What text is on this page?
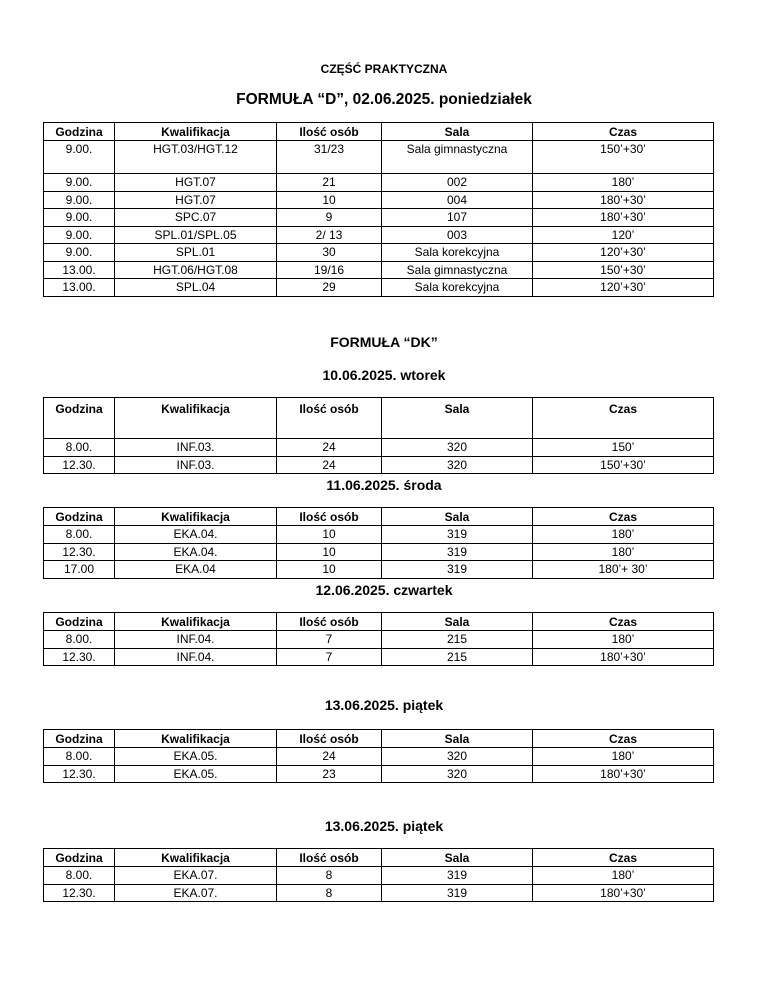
CZĘŚĆ PRAKTYCZNA
FORMUŁA “D”, 02.06.2025. poniedziałek
Godzina	Kwalifikacja	Ilość osób	Sala	Czas
9.00.	HGT.03/HGT.12	31/23	Sala gimnastyczna	150’+30’
9.00.	HGT.07	21	002	180’
9.00.	HGT.07	10	004	180’+30’
9.00.	SPC.07	9	107	180’+30’
9.00.	SPL.01/SPL.05	2/ 13	003	120’
9.00.	SPL.01	30	Sala korekcyjna	120’+30’
13.00.	HGT.06/HGT.08	19/16	Sala gimnastyczna	150’+30’
13.00.	SPL.04	29	Sala korekcyjna	120’+30’
FORMUŁA “DK”
10.06.2025. wtorek
Godzina	Kwalifikacja	Ilość osób	Sala	Czas
8.00.	INF.03.	24	320	150’
12.30.	INF.03.	24	320	150’+30’
11.06.2025. środa
Godzina	Kwalifikacja	Ilość osób	Sala	Czas
8.00.	EKA.04.	10	319	180’
12.30.	EKA.04.	10	319	180’
17.00	EKA.04	10	319	180’+ 30’
12.06.2025. czwartek
Godzina	Kwalifikacja	Ilość osób	Sala	Czas
8.00.	INF.04.	7	215	180’
12.30.	INF.04.	7	215	180’+30’
13.06.2025. piątek
Godzina	Kwalifikacja	Ilość osób	Sala	Czas
8.00.	EKA.05.	24	320	180’
12.30.	EKA.05.	23	320	180’+30’
13.06.2025. piątek
Godzina	Kwalifikacja	Ilość osób	Sala	Czas
8.00.	EKA.07.	8	319	180’
12.30.	EKA.07.	8	319	180’+30’
